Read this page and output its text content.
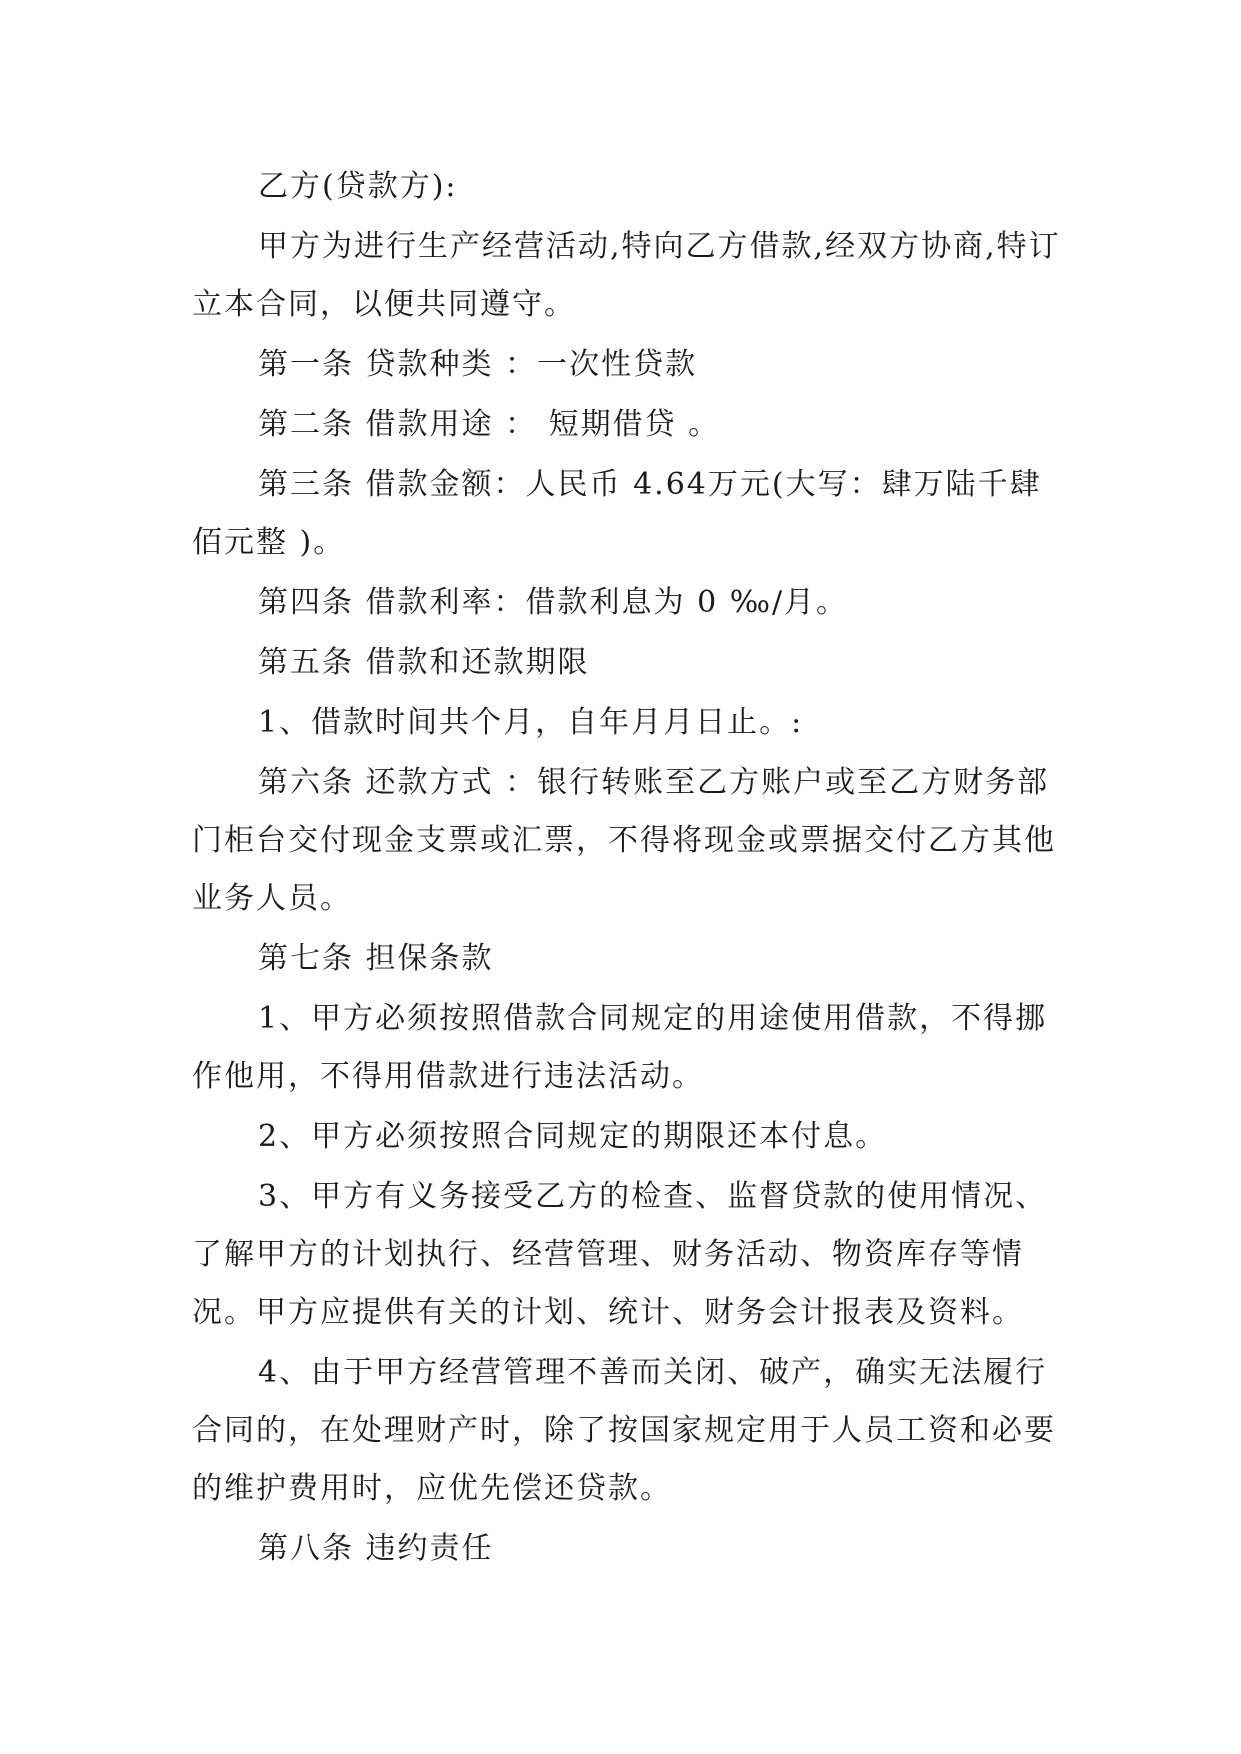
乙方(贷款方):

甲方为进行生产经营活动,特向乙方借款,经双方协商,特订立本合同，以便共同遵守。

第一条 贷款种类 ：一次性贷款

第二条 借款用途 ： 短期借贷 。

第三条 借款金额：人民币 4.64万元(大写：肆万陆千肆佰元整 )。

第四条 借款利率：借款利息为 0 ‰/月。

第五条 借款和还款期限

1、借款时间共个月，自年月月日止。:

第六条 还款方式 ：银行转账至乙方账户或至乙方财务部门柜台交付现金支票或汇票，不得将现金或票据交付乙方其他业务人员。

第七条 担保条款

1、甲方必须按照借款合同规定的用途使用借款，不得挪作他用，不得用借款进行违法活动。

2、甲方必须按照合同规定的期限还本付息。

3、甲方有义务接受乙方的检查、监督贷款的使用情况、了解甲方的计划执行、经营管理、财务活动、物资库存等情况。甲方应提供有关的计划、统计、财务会计报表及资料。

4、由于甲方经营管理不善而关闭、破产，确实无法履行合同的，在处理财产时，除了按国家规定用于人员工资和必要的维护费用时，应优先偿还贷款。

第八条 违约责任
